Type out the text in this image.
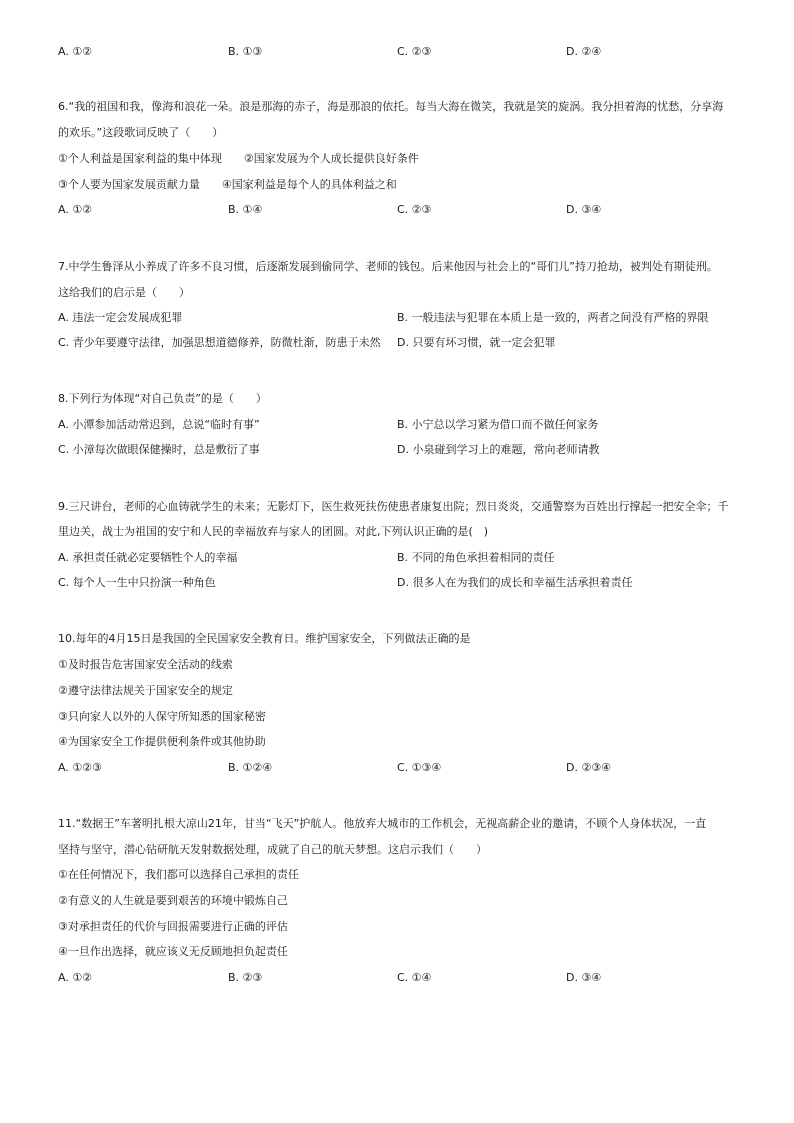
A. ①②	B. ①③	C. ②③	D. ②④
6.“我的祖国和我，像海和浪花一朵。浪是那海的赤子，海是那浪的依托。每当大海在微笑，我就是笑的旋涡。我分担着海的忧愁，分享海
的欢乐。”这段歌词反映了（　　）
①个人利益是国家利益的集中体现　　②国家发展为个人成长提供良好条件
③个人要为国家发展贡献力量　　④国家利益是每个人的具体利益之和
A. ①②	B. ①④	C. ②③	D. ③④
7.中学生鲁泽从小养成了许多不良习惯，后逐渐发展到偷同学、老师的钱包。后来他因与社会上的“哥们儿”持刀抢劫，被判处有期徒刑。
这给我们的启示是（　　）
A. 违法一定会发展成犯罪	B. 一般违法与犯罪在本质上是一致的，两者之间没有严格的界限
C. 青少年要遵守法律，加强思想道德修养，防微杜渐，防患于未然 D. 只要有坏习惯，就一定会犯罪
8.下列行为体现“对自己负责”的是（　　）
A. 小潭参加活动常迟到，总说“临时有事”	B. 小宁总以学习紧为借口而不做任何家务
C. 小漳每次做眼保健操时，总是敷衍了事	D. 小泉碰到学习上的难题，常向老师请教
9.三尺讲台，老师的心血铸就学生的未来；无影灯下，医生救死扶伤使患者康复出院；烈日炎炎，交通警察为百姓出行撑起一把安全伞；千
里边关，战士为祖国的安宁和人民的幸福放弃与家人的团圆。对此,下列认识正确的是(　)
A. 承担责任就必定要牺牲个人的幸福	B. 不同的角色承担着相同的责任
C. 每个人一生中只扮演一种角色	D. 很多人在为我们的成长和幸福生活承担着责任
10.每年的4月15日是我国的全民国家安全教育日。维护国家安全，下列做法正确的是
①及时报告危害国家安全活动的线索
②遵守法律法规关于国家安全的规定
③只向家人以外的人保守所知悉的国家秘密
④为国家安全工作提供便利条件或其他协助
A. ①②③	B. ①②④	C. ①③④	D. ②③④
11.“数据王”车著明扎根大凉山21年，甘当“飞天”护航人。他放弃大城市的工作机会，无视高薪企业的邀请，不顾个人身体状况，一直
坚持与坚守，潜心钻研航天发射数据处理，成就了自己的航天梦想。这启示我们（　　）
①在任何情况下，我们都可以选择自己承担的责任
②有意义的人生就是要到艰苦的环境中锻炼自己
③对承担责任的代价与回报需要进行正确的评估
④一旦作出选择，就应该义无反顾地担负起责任
A. ①②	B. ②③	C. ①④	D. ③④
